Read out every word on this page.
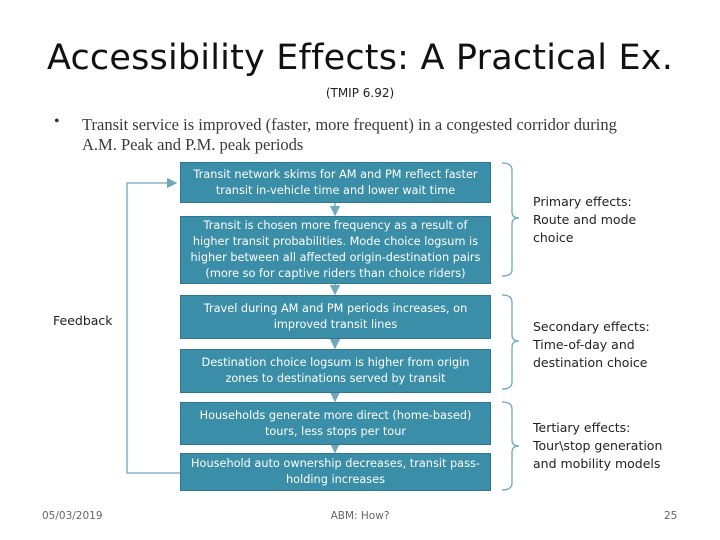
Accessibility Effects: A Practical Ex.
(TMIP 6.92)
• Transit service is improved (faster, more frequent) in a congested corridor during A.M. Peak and P.M. peak periods
Transit network skims for AM and PM reflect faster transit in-vehicle time and lower wait time
Transit is chosen more frequency as a result of higher transit probabilities. Mode choice logsum is higher between all affected origin-destination pairs (more so for captive riders than choice riders)
Travel during AM and PM periods increases, on improved transit lines
Destination choice logsum is higher from origin zones to destinations served by transit
Households generate more direct (home-based) tours, less stops per tour
Household auto ownership decreases, transit pass-holding increases
Primary effects: Route and mode choice
Secondary effects: Time-of-day and destination choice
Tertiary effects: Tour\stop generation and mobility models
Feedback
05/03/2019	ABM: How?	25
